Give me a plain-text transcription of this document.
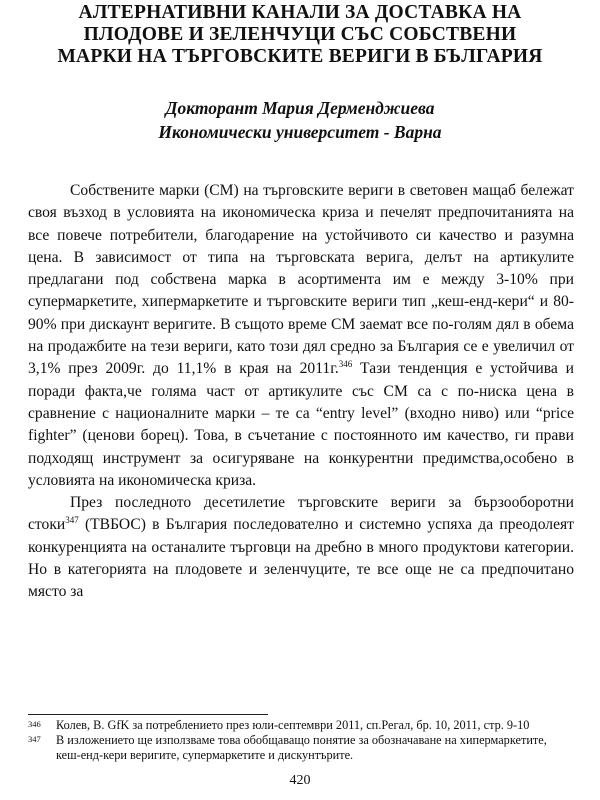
АЛТЕРНАТИВНИ КАНАЛИ ЗА ДОСТАВКА НА
ПЛОДОВЕ И ЗЕЛЕНЧУЦИ СЪС СОБСТВЕНИ
МАРКИ НА ТЪРГОВСКИТЕ ВЕРИГИ В БЪЛГАРИЯ
Докторант Мария Дерменджиева
Икономически университет - Варна

Собствените марки (СМ) на търговските вериги в световен мащаб бележат своя възход в условията на икономическа криза и печелят предпочитанията на все повече потребители, благодарение на устойчивото си качество и разумна цена. В зависимост от типа на търговската верига, делът на артикулите предлагани под собствена марка в асортимента им е между 3-10% при супермаркетите, хипермаркетите и търговските вериги тип „кеш-енд-кери“ и 80-90% при дискаунт веригите. В същото време СМ заемат все по-голям дял в обема на продажбите на тези вериги, като този дял средно за България се е увеличил от 3,1% през 2009г. до 11,1% в края на 2011г.$^{346}$ Тази тенденция е устойчива и поради факта,че голяма част от артикулите със СМ са с по-ниска цена в сравнение с националните марки – те са “entry level” (входно ниво) или “price fighter” (ценови борец). Това, в съчетание с постоянното им качество, ги прави подходящ инструмент за осигуряване на конкурентни предимства,особено в условията на икономическа криза.

През последното десетилетие търговските вериги за бързооборотни стоки$^{347}$ (ТВБОС) в България последователно и системно успяха да преодолеят конкуренцията на останалите търговци на дребно в много продуктови категории. Но в категорията на плодовете и зеленчуците, те все още не са предпочитано място за

346 Колев, В. GfK за потреблението през юли-септември 2011, сп.Регал, бр. 10, 2011, стр. 9-10

347 В изложението ще използваме това обобщаващо понятие за обозначаване на хипермаркетите, кеш-енд-кери веригите, супермаркетите и дискунтърите.

420
